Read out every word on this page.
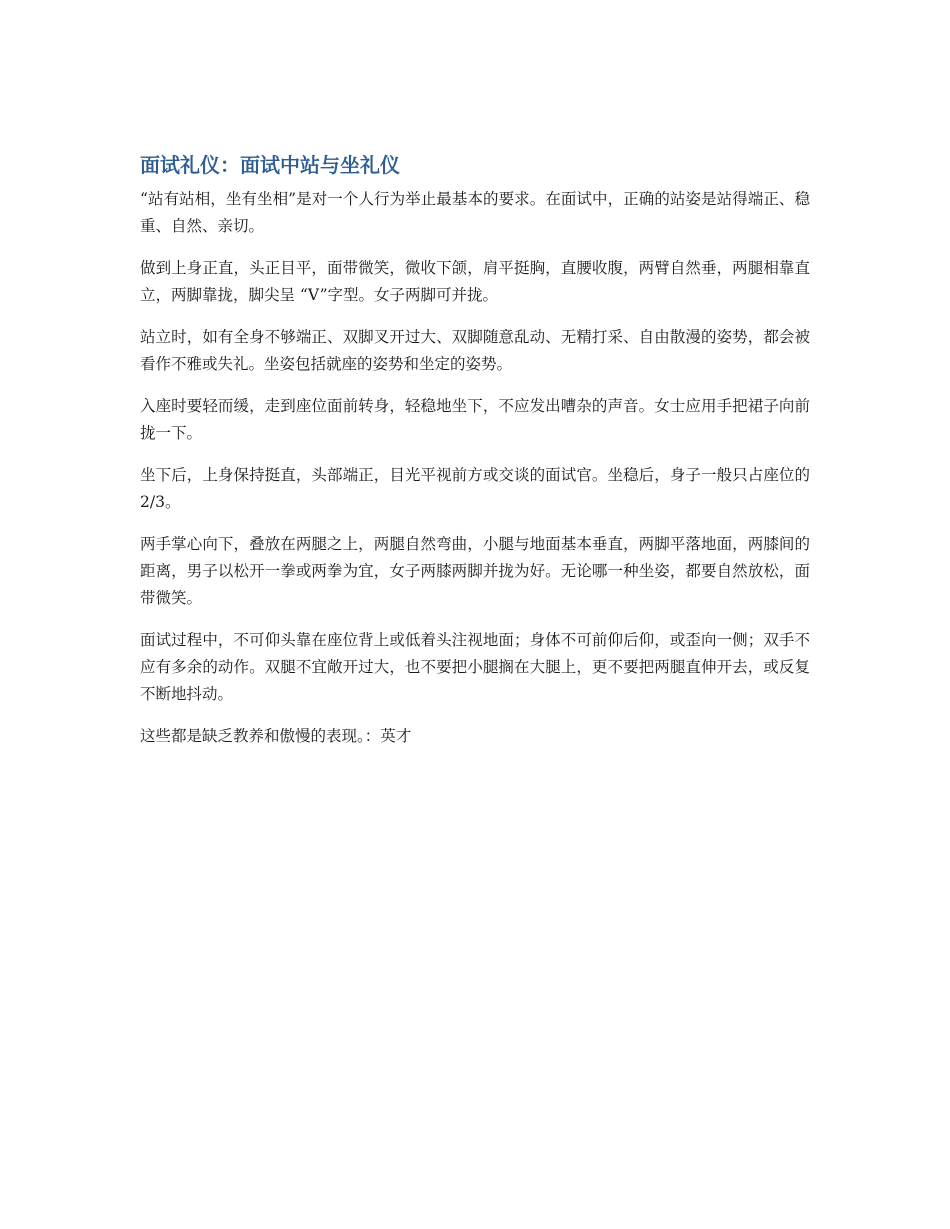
面试礼仪：面试中站与坐礼仪

“站有站相，坐有坐相”是对一个人行为举止最基本的要求。在面试中，正确的站姿是站得端正、稳重、自然、亲切。

做到上身正直，头正目平，面带微笑，微收下颌，肩平挺胸，直腰收腹，两臂自然垂，两腿相靠直立，两脚靠拢，脚尖呈 “V”字型。女子两脚可并拢。

站立时，如有全身不够端正、双脚叉开过大、双脚随意乱动、无精打采、自由散漫的姿势，都会被看作不雅或失礼。坐姿包括就座的姿势和坐定的姿势。

入座时要轻而缓，走到座位面前转身，轻稳地坐下，不应发出嘈杂的声音。女士应用手把裙子向前拢一下。

坐下后，上身保持挺直，头部端正，目光平视前方或交谈的面试官。坐稳后，身子一般只占座位的 2/3。

两手掌心向下，叠放在两腿之上，两腿自然弯曲，小腿与地面基本垂直，两脚平落地面，两膝间的距离，男子以松开一拳或两拳为宜，女子两膝两脚并拢为好。无论哪一种坐姿，都要自然放松，面带微笑。

面试过程中，不可仰头靠在座位背上或低着头注视地面；身体不可前仰后仰，或歪向一侧；双手不应有多余的动作。双腿不宜敞开过大，也不要把小腿搁在大腿上，更不要把两腿直伸开去，或反复不断地抖动。

这些都是缺乏教养和傲慢的表现。：英才
